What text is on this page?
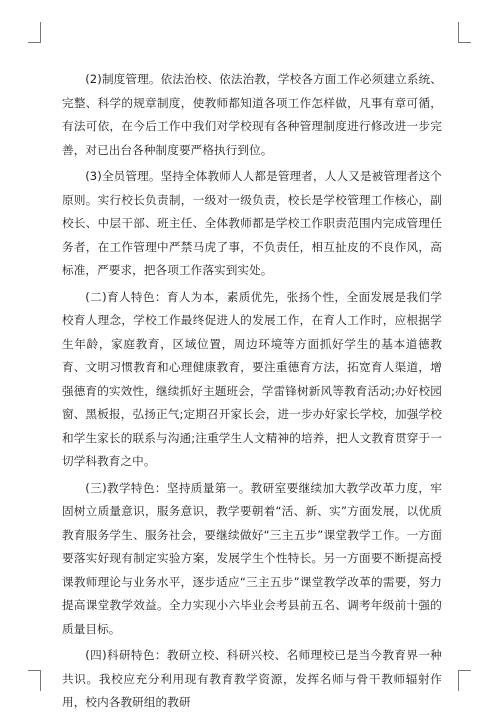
(2)制度管理。依法治校、依法治教，学校各方面工作必须建立系统、完整、科学的规章制度，使教师都知道各项工作怎样做，凡事有章可循，有法可依，在今后工作中我们对学校现有各种管理制度进行修改进一步完善，对已出台各种制度要严格执行到位。

(3)全员管理。坚持全体教师人人都是管理者，人人又是被管理者这个原则。实行校长负责制，一级对一级负责，校长是学校管理工作核心，副校长、中层干部、班主任、全体教师都是学校工作职责范围内完成管理任务者，在工作管理中严禁马虎了事，不负责任，相互扯皮的不良作风，高标准，严要求，把各项工作落实到实处。

(二)育人特色：育人为本，素质优先，张扬个性，全面发展是我们学校育人理念，学校工作最终促进人的发展工作，在育人工作时，应根据学生年龄，家庭教育，区域位置，周边环境等方面抓好学生的基本道德教育、文明习惯教育和心理健康教育，要注重德育方法，拓宽育人渠道，增强德育的实效性，继续抓好主题班会，学雷锋树新风等教育活动;办好校园窗、黑板报，弘扬正气;定期召开家长会，进一步办好家长学校，加强学校和学生家长的联系与沟通;注重学生人文精神的培养，把人文教育贯穿于一切学科教育之中。

(三)教学特色：坚持质量第一。教研室要继续加大教学改革力度，牢固树立质量意识，服务意识，教学要朝着“活、新、实”方面发展，以优质教育服务学生、服务社会，要继续做好“三主五步”课堂教学工作。一方面要落实好现有制定实验方案，发展学生个性特长。另一方面要不断提高授课教师理论与业务水平，逐步适应“三主五步”课堂教学改革的需要，努力提高课堂教学效益。全力实现小六毕业会考县前五名、调考年级前十强的质量目标。

(四)科研特色：教研立校、科研兴校、名师理校已是当今教育界一种共识。我校应充分利用现有教育教学资源，发挥名师与骨干教师辐射作用，校内各教研组的教研
